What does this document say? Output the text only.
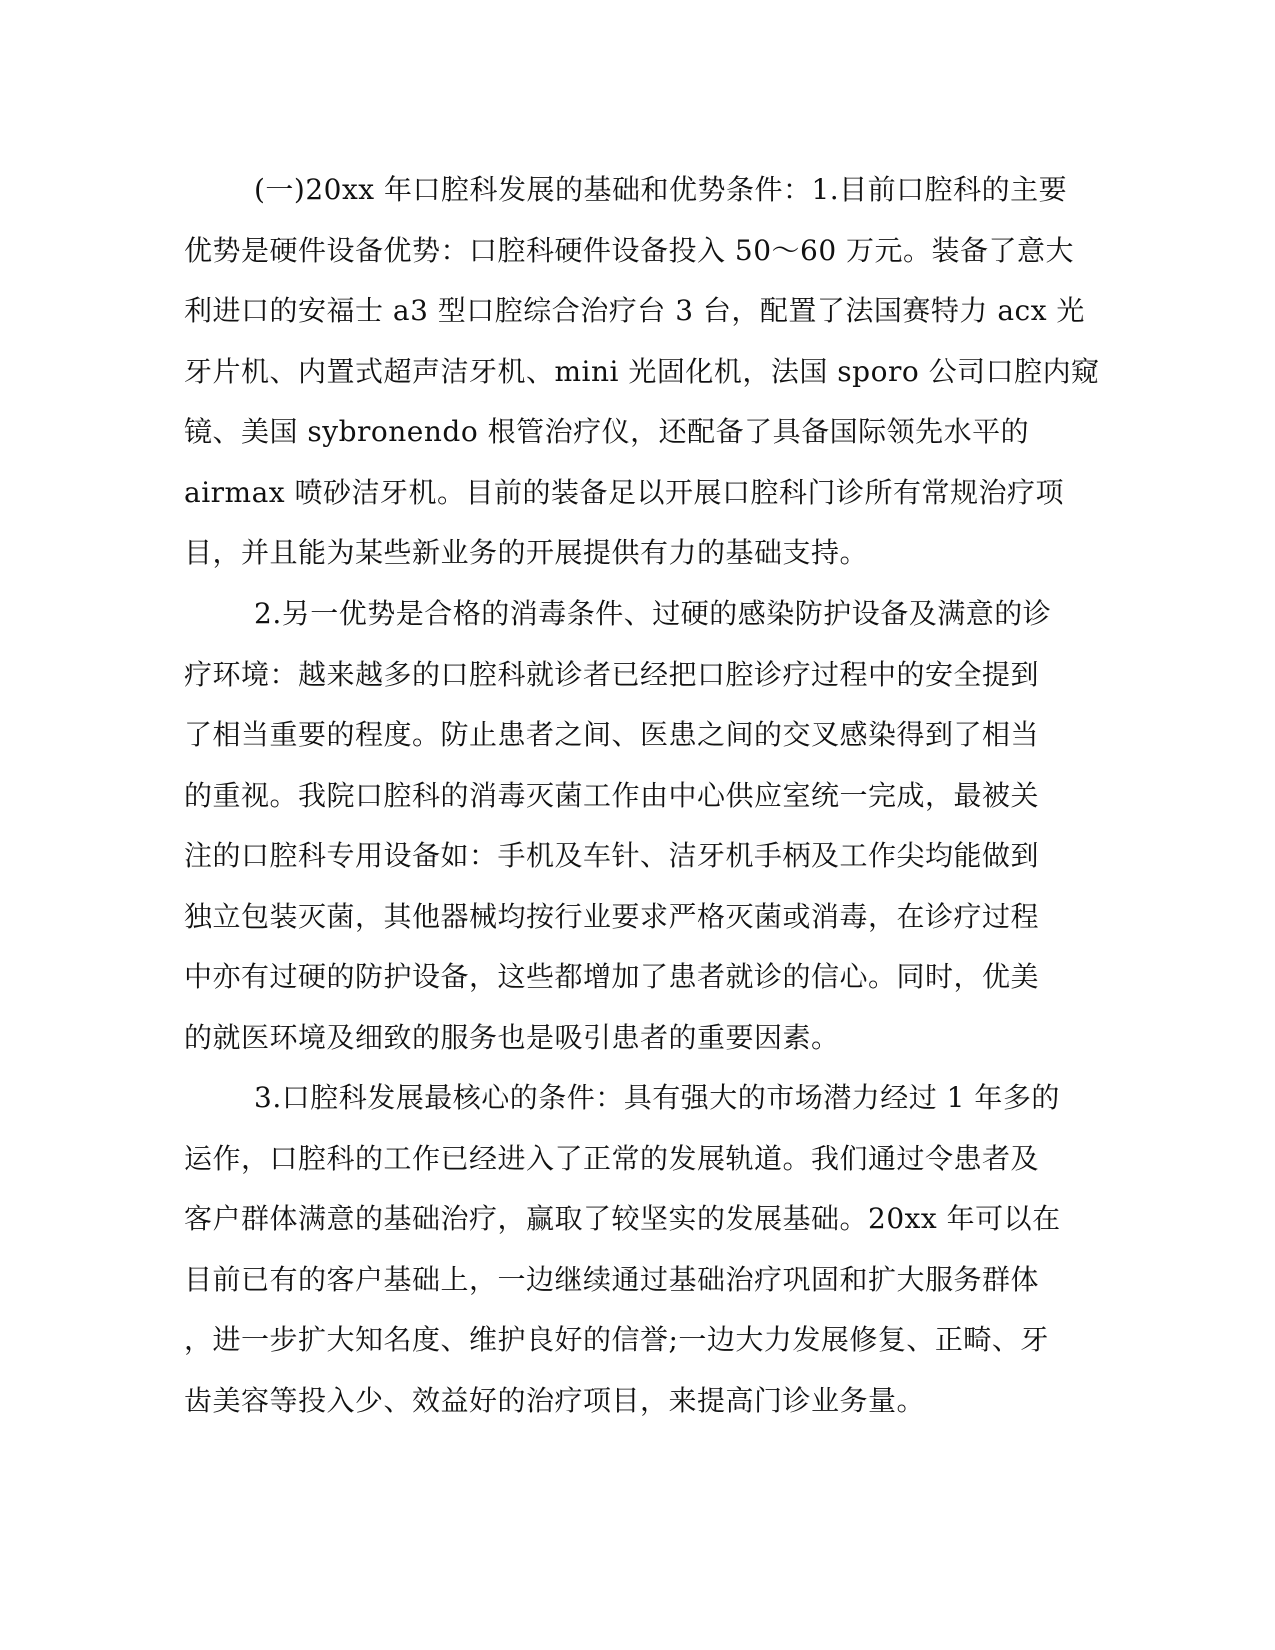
(一)20xx 年口腔科发展的基础和优势条件：1.目前口腔科的主要
优势是硬件设备优势：口腔科硬件设备投入 50～60 万元。装备了意大
利进口的安福士 a3 型口腔综合治疗台 3 台，配置了法国赛特力 acx 光
牙片机、内置式超声洁牙机、mini 光固化机，法国 sporo 公司口腔内窥
镜、美国 sybronendo 根管治疗仪，还配备了具备国际领先水平的
airmax 喷砂洁牙机。目前的装备足以开展口腔科门诊所有常规治疗项
目，并且能为某些新业务的开展提供有力的基础支持。
2.另一优势是合格的消毒条件、过硬的感染防护设备及满意的诊
疗环境：越来越多的口腔科就诊者已经把口腔诊疗过程中的安全提到
了相当重要的程度。防止患者之间、医患之间的交叉感染得到了相当
的重视。我院口腔科的消毒灭菌工作由中心供应室统一完成，最被关
注的口腔科专用设备如：手机及车针、洁牙机手柄及工作尖均能做到
独立包装灭菌，其他器械均按行业要求严格灭菌或消毒，在诊疗过程
中亦有过硬的防护设备，这些都增加了患者就诊的信心。同时，优美
的就医环境及细致的服务也是吸引患者的重要因素。
3.口腔科发展最核心的条件：具有强大的市场潜力经过 1 年多的
运作，口腔科的工作已经进入了正常的发展轨道。我们通过令患者及
客户群体满意的基础治疗，赢取了较坚实的发展基础。20xx 年可以在
目前已有的客户基础上，一边继续通过基础治疗巩固和扩大服务群体
，进一步扩大知名度、维护良好的信誉;一边大力发展修复、正畸、牙
齿美容等投入少、效益好的治疗项目，来提高门诊业务量。
